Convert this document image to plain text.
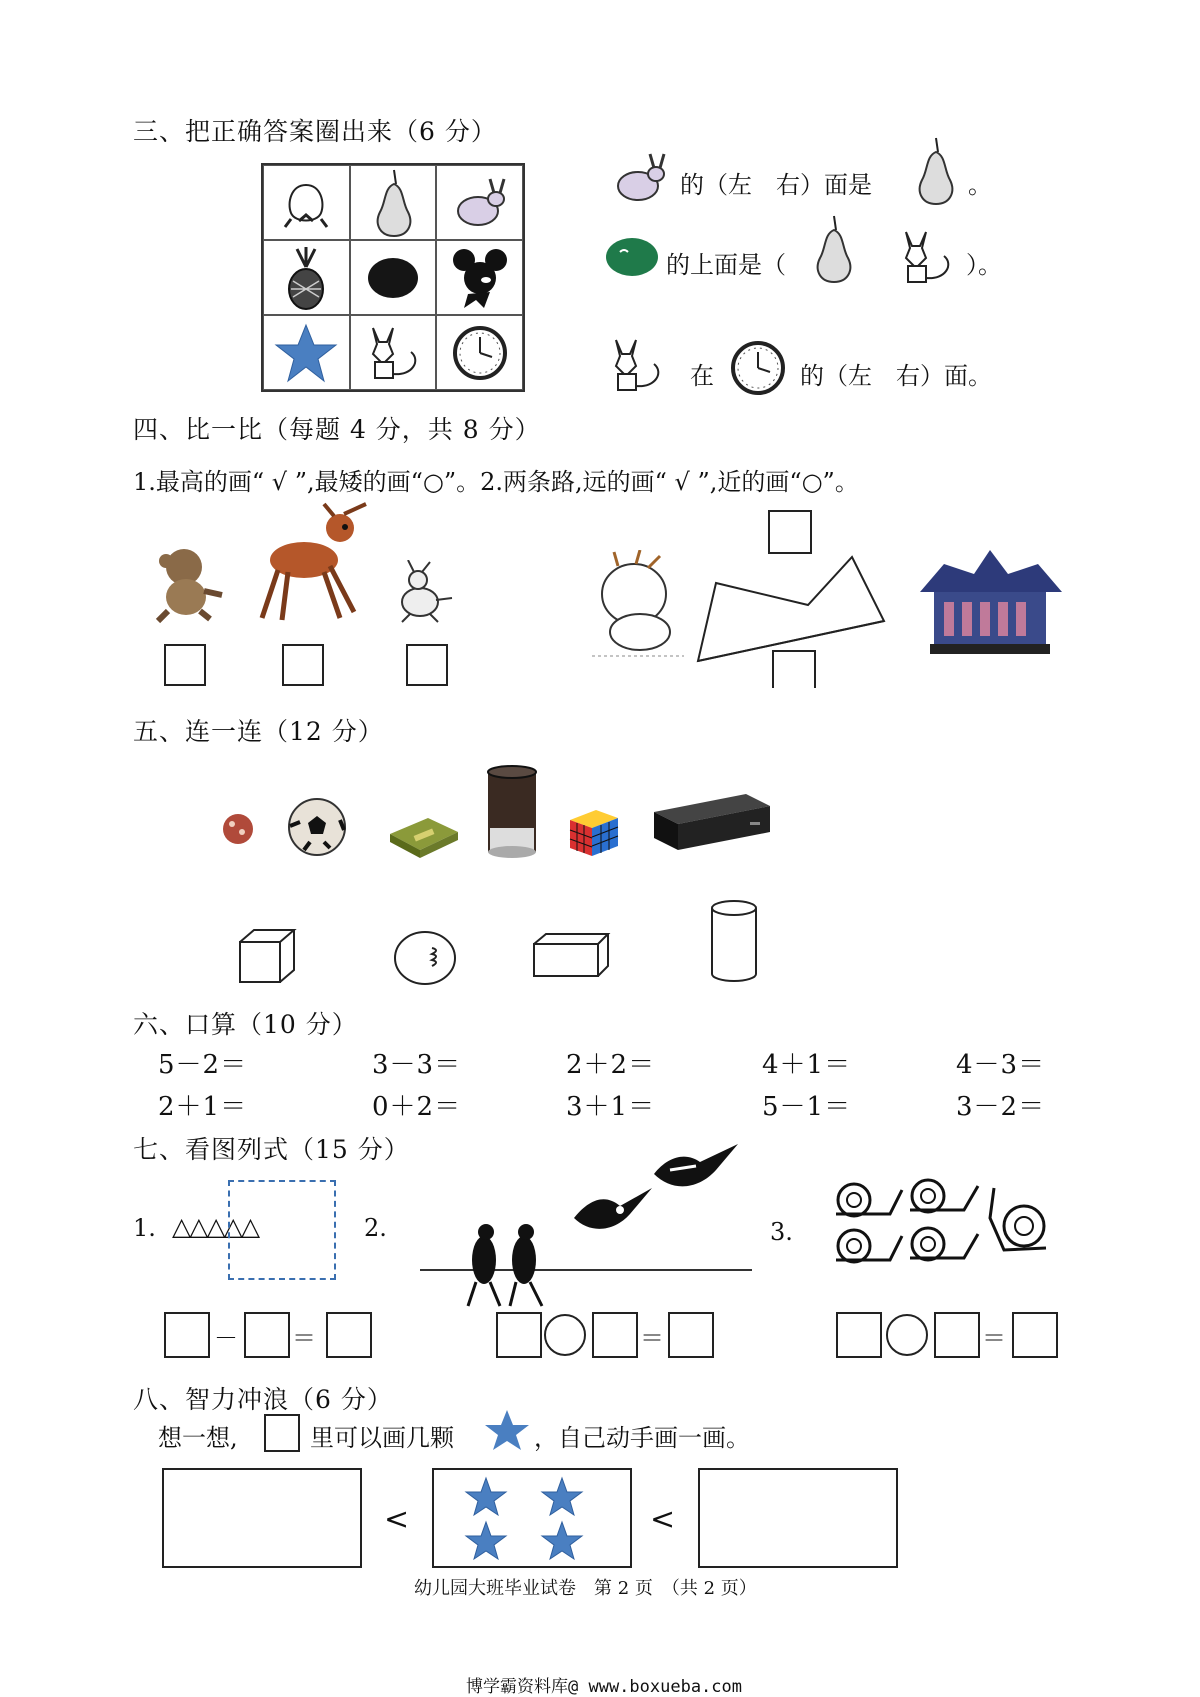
三、把正确答案圈出来（6 分）
的（左　右）面是	。
的上面是（	）。
在	的（左　右）面。
四、比一比（每题 4 分，共 8 分）
1.最高的画“ √ ”,最矮的画“○”。2.两条路,远的画“ √ ”,近的画“○”。
五、连一连（12 分）
六、口算（10 分）
5－2＝	3－3＝	2＋2＝	4＋1＝	4－3＝
2＋1＝	0＋2＝	3＋1＝	5－1＝	3－2＝
七、看图列式（15 分）
1. △△△△△
－ ＝
2.
＝
3.
＝
八、智力冲浪（6 分）
想一想,	里可以画几颗	，自己动手画一画。
<	<
幼儿园大班毕业试卷　第 2 页　（共 2 页）
博学霸资料库@ www.boxueba.com
